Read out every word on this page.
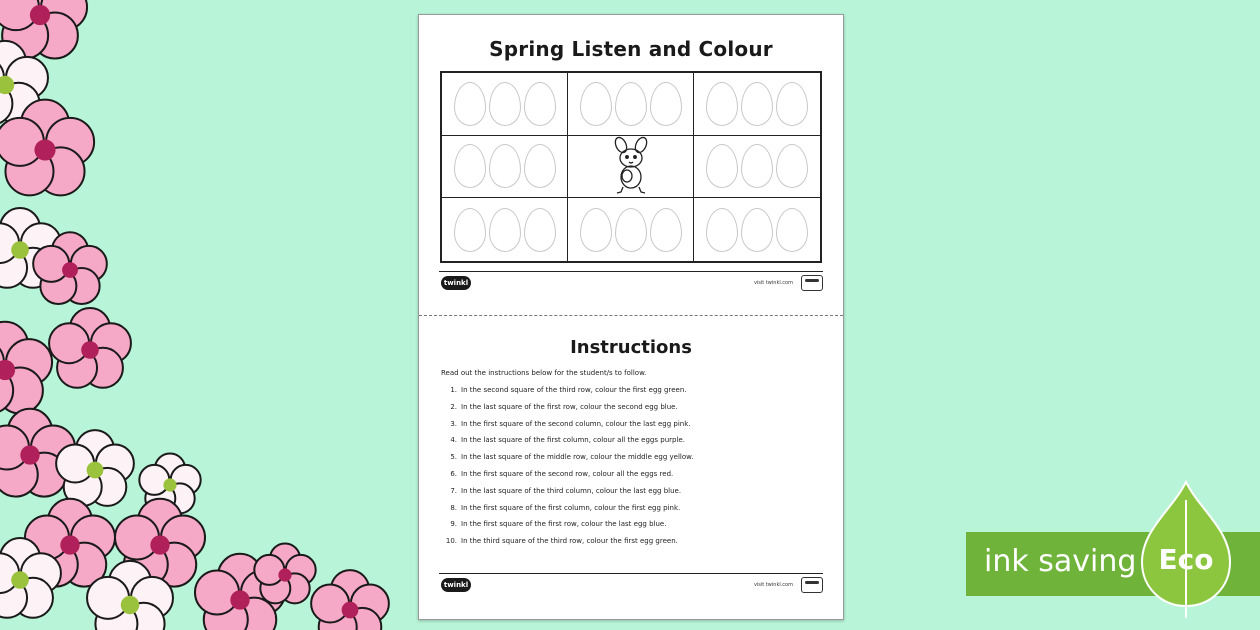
Spring Listen and Colour
twinkl	visit twinkl.com
Instructions
Read out the instructions below for the student/s to follow.
1. In the second square of the third row, colour the first egg green.
2. In the last square of the first row, colour the second egg blue.
3. In the first square of the second column, colour the last egg pink.
4. In the last square of the first column, colour all the eggs purple.
5. In the last square of the middle row, colour the middle egg yellow.
6. In the first square of the second row, colour all the eggs red.
7. In the last square of the third column, colour the last egg blue.
8. In the first square of the first column, colour the first egg pink.
9. In the first square of the first row, colour the last egg blue.
10. In the third square of the third row, colour the first egg green.
twinkl	visit twinkl.com
ink saving Eco
